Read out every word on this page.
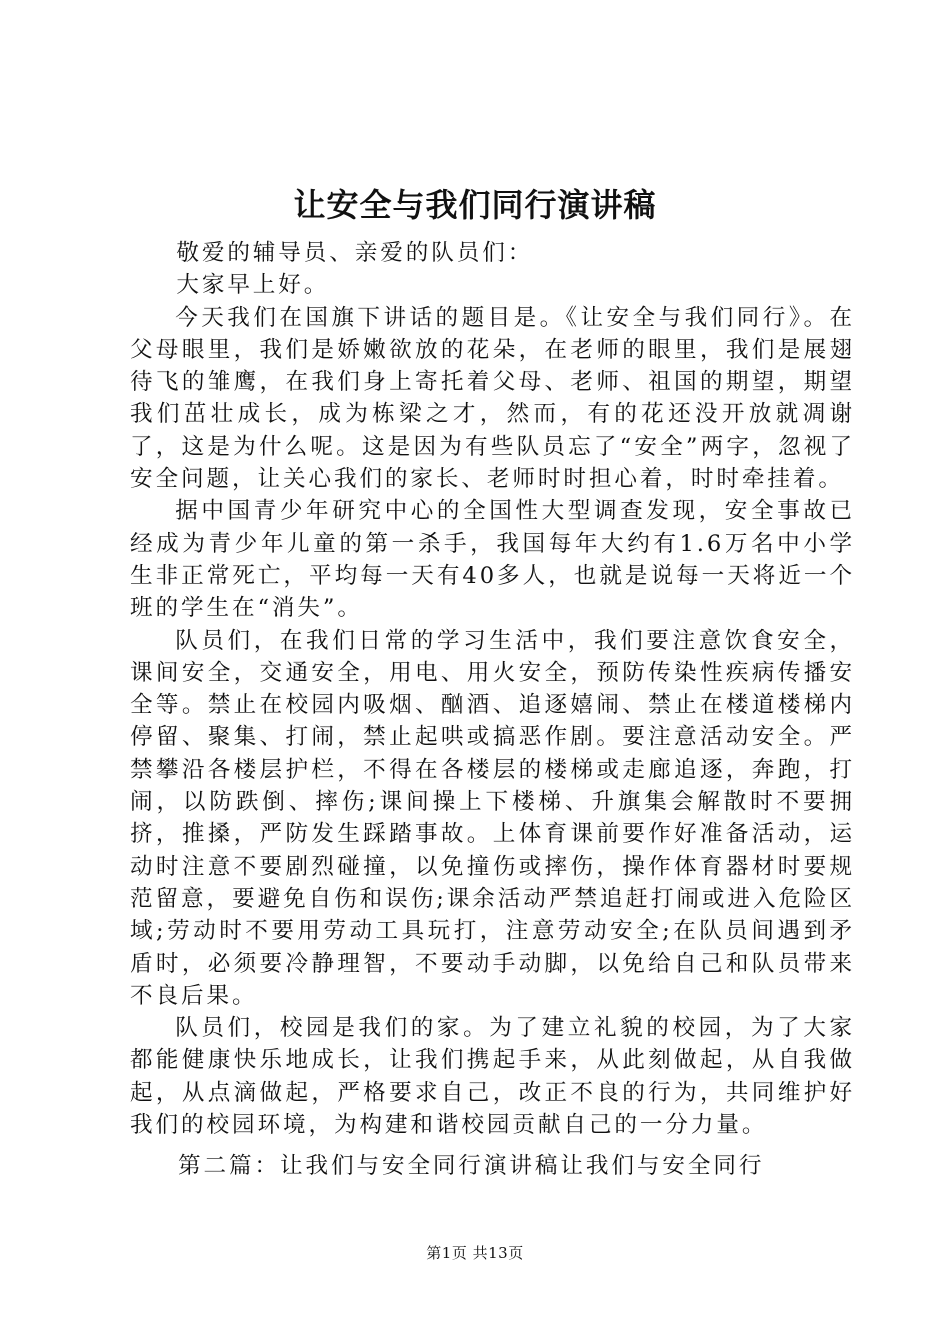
让安全与我们同行演讲稿

敬爱的辅导员、亲爱的队员们：

大家早上好。

今天我们在国旗下讲话的题目是。《让安全与我们同行》。在父母眼里，我们是娇嫩欲放的花朵，在老师的眼里，我们是展翅待飞的雏鹰，在我们身上寄托着父母、老师、祖国的期望，期望我们茁壮成长，成为栋梁之才，然而，有的花还没开放就凋谢了，这是为什么呢。这是因为有些队员忘了“安全”两字，忽视了安全问题，让关心我们的家长、老师时时担心着，时时牵挂着。

据中国青少年研究中心的全国性大型调查发现，安全事故已经成为青少年儿童的第一杀手，我国每年大约有1.6万名中小学生非正常死亡，平均每一天有40多人，也就是说每一天将近一个班的学生在“消失”。

队员们，在我们日常的学习生活中，我们要注意饮食安全，课间安全，交通安全，用电、用火安全，预防传染性疾病传播安全等。禁止在校园内吸烟、酗酒、追逐嬉闹、禁止在楼道楼梯内停留、聚集、打闹，禁止起哄或搞恶作剧。要注意活动安全。严禁攀沿各楼层护栏，不得在各楼层的楼梯或走廊追逐，奔跑，打闹，以防跌倒、摔伤;课间操上下楼梯、升旗集会解散时不要拥挤，推搡，严防发生踩踏事故。上体育课前要作好准备活动，运动时注意不要剧烈碰撞，以免撞伤或摔伤，操作体育器材时要规范留意，要避免自伤和误伤;课余活动严禁追赶打闹或进入危险区域;劳动时不要用劳动工具玩打，注意劳动安全;在队员间遇到矛盾时，必须要冷静理智，不要动手动脚，以免给自己和队员带来不良后果。

队员们，校园是我们的家。为了建立礼貌的校园，为了大家都能健康快乐地成长，让我们携起手来，从此刻做起，从自我做起，从点滴做起，严格要求自己，改正不良的行为，共同维护好我们的校园环境，为构建和谐校园贡献自己的一分力量。

第二篇：让我们与安全同行演讲稿让我们与安全同行
第1页 共13页
